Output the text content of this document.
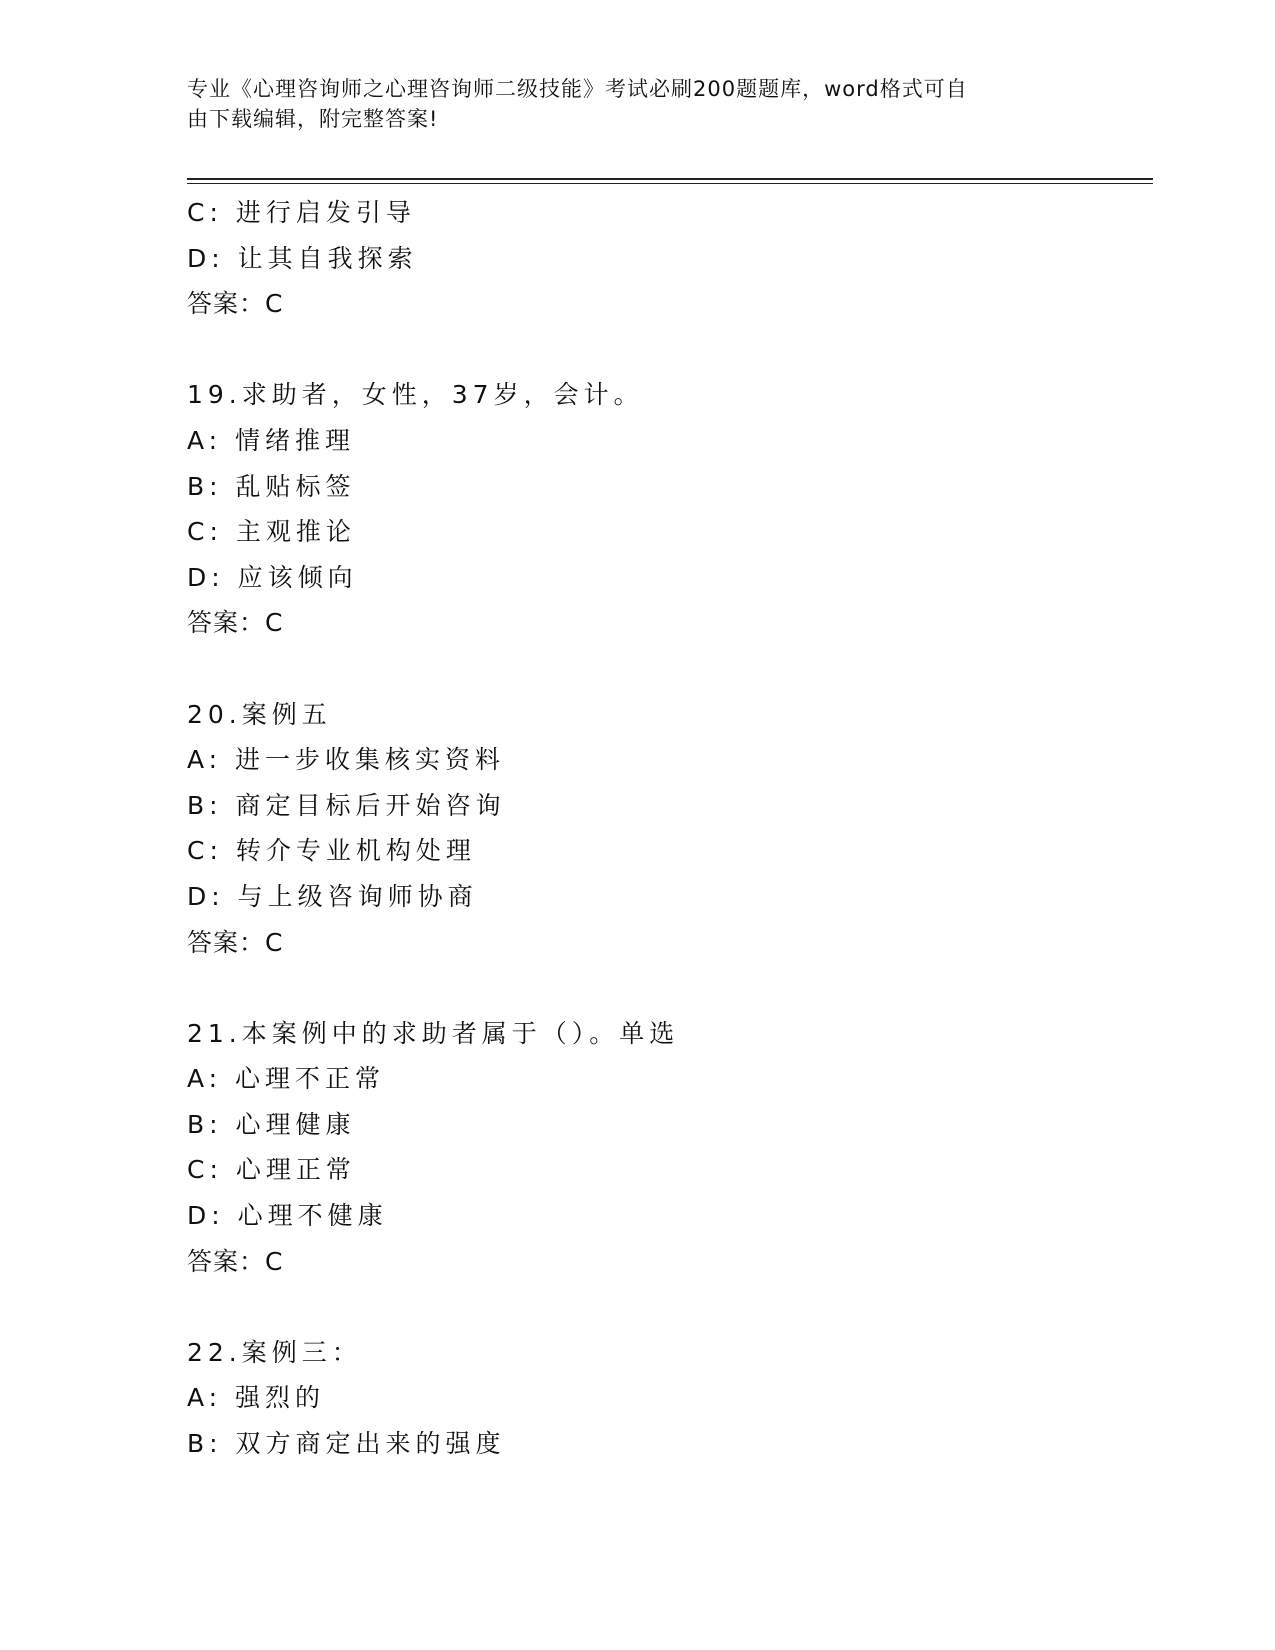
专业《心理咨询师之心理咨询师二级技能》考试必刷200题题库，word格式可自
由下载编辑，附完整答案!
C: 进行启发引导
D: 让其自我探索
答案：C
19.求助者，女性，37岁，会计。
A: 情绪推理
B: 乱贴标签
C: 主观推论
D: 应该倾向
答案：C
20.案例五
A: 进一步收集核实资料
B: 商定目标后开始咨询
C: 转介专业机构处理
D: 与上级咨询师协商
答案：C
21.本案例中的求助者属于（）。单选
A: 心理不正常
B: 心理健康
C: 心理正常
D: 心理不健康
答案：C
22.案例三：
A: 强烈的
B: 双方商定出来的强度
